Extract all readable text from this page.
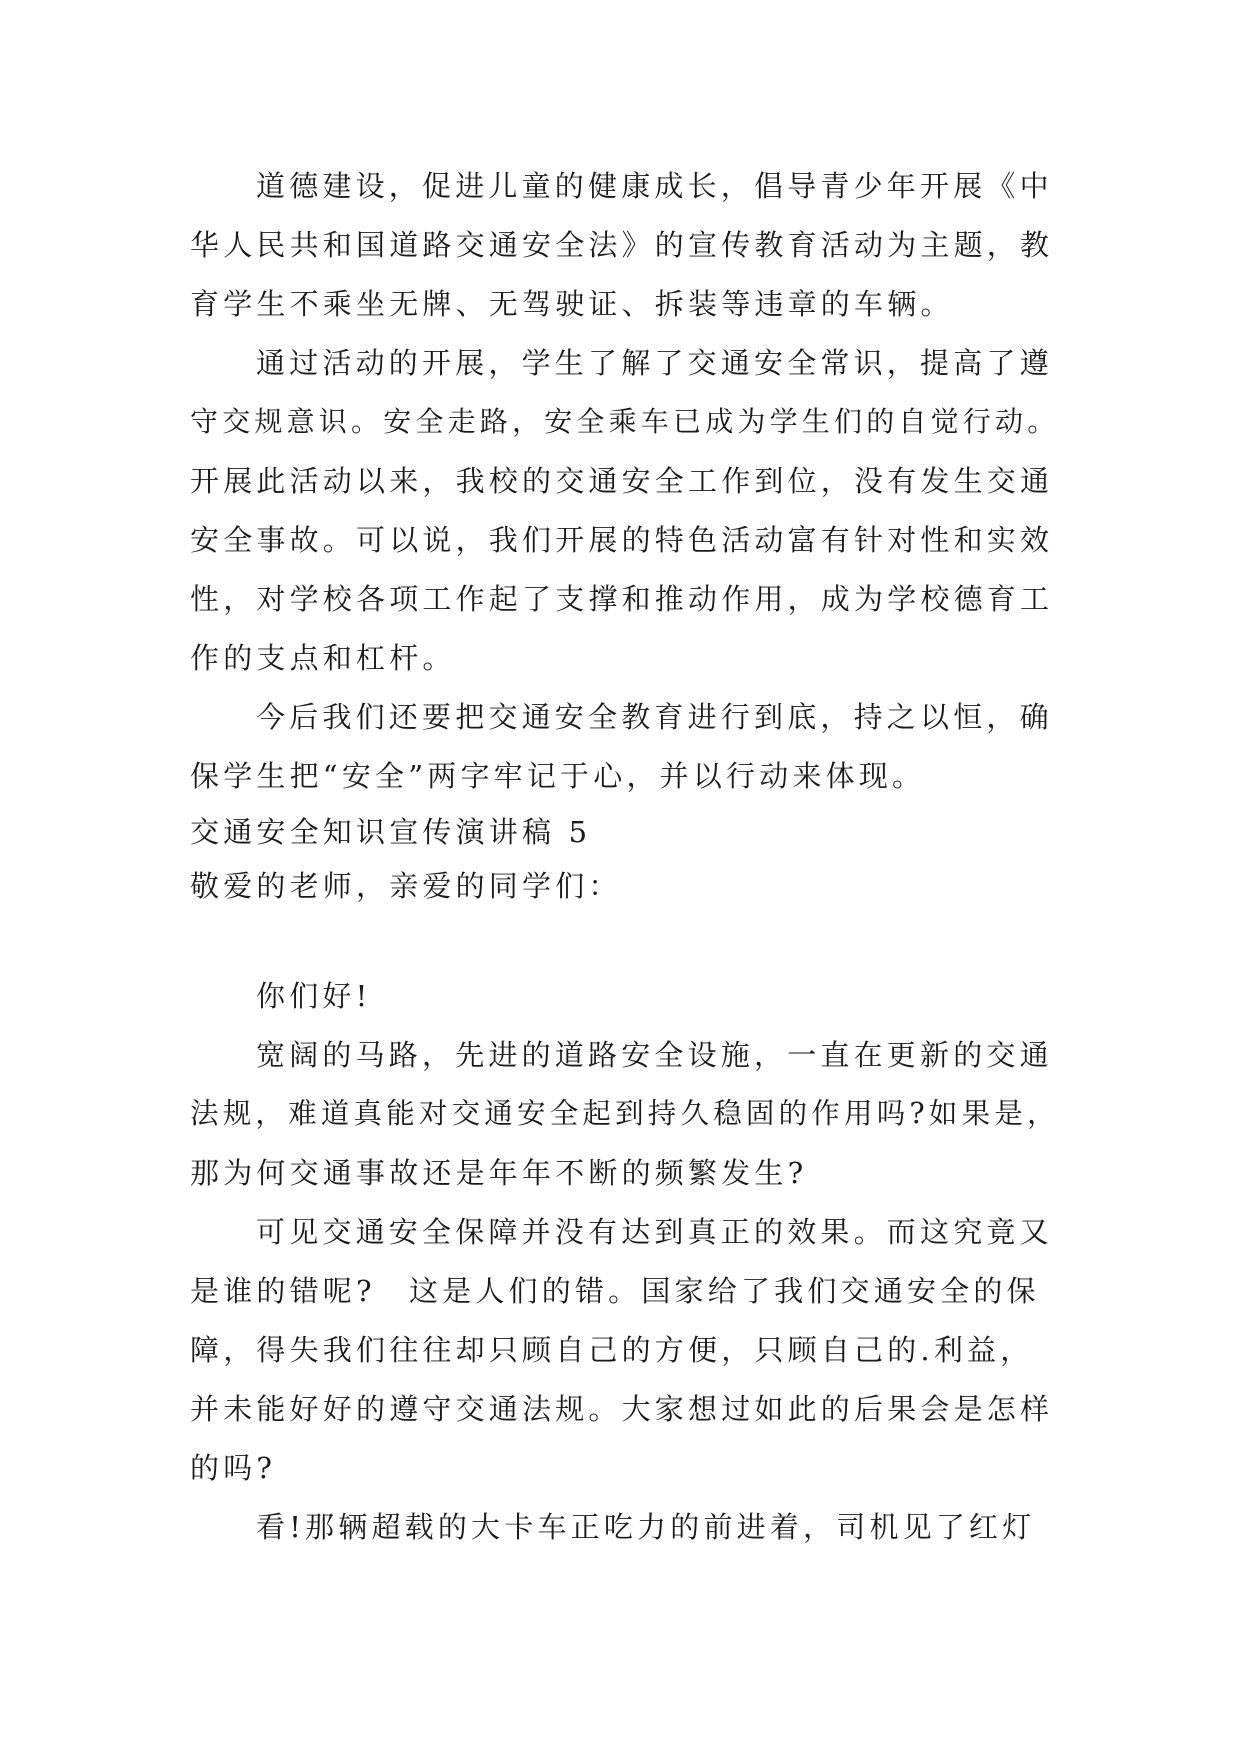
道德建设，促进儿童的健康成长，倡导青少年开展《中
华人民共和国道路交通安全法》的宣传教育活动为主题，教
育学生不乘坐无牌、无驾驶证、拆装等违章的车辆。
通过活动的开展，学生了解了交通安全常识，提高了遵
守交规意识。安全走路，安全乘车已成为学生们的自觉行动。
开展此活动以来，我校的交通安全工作到位，没有发生交通
安全事故。可以说，我们开展的特色活动富有针对性和实效
性，对学校各项工作起了支撑和推动作用，成为学校德育工
作的支点和杠杆。
今后我们还要把交通安全教育进行到底，持之以恒，确
保学生把“安全”两字牢记于心，并以行动来体现。
交通安全知识宣传演讲稿 5
敬爱的老师，亲爱的同学们：
你们好!
宽阔的马路，先进的道路安全设施，一直在更新的交通
法规，难道真能对交通安全起到持久稳固的作用吗?如果是，
那为何交通事故还是年年不断的频繁发生?
可见交通安全保障并没有达到真正的效果。而这究竟又
是谁的错呢?　这是人们的错。国家给了我们交通安全的保
障，得失我们往往却只顾自己的方便，只顾自己的.利益，
并未能好好的遵守交通法规。大家想过如此的后果会是怎样
的吗?
看!那辆超载的大卡车正吃力的前进着，司机见了红灯
